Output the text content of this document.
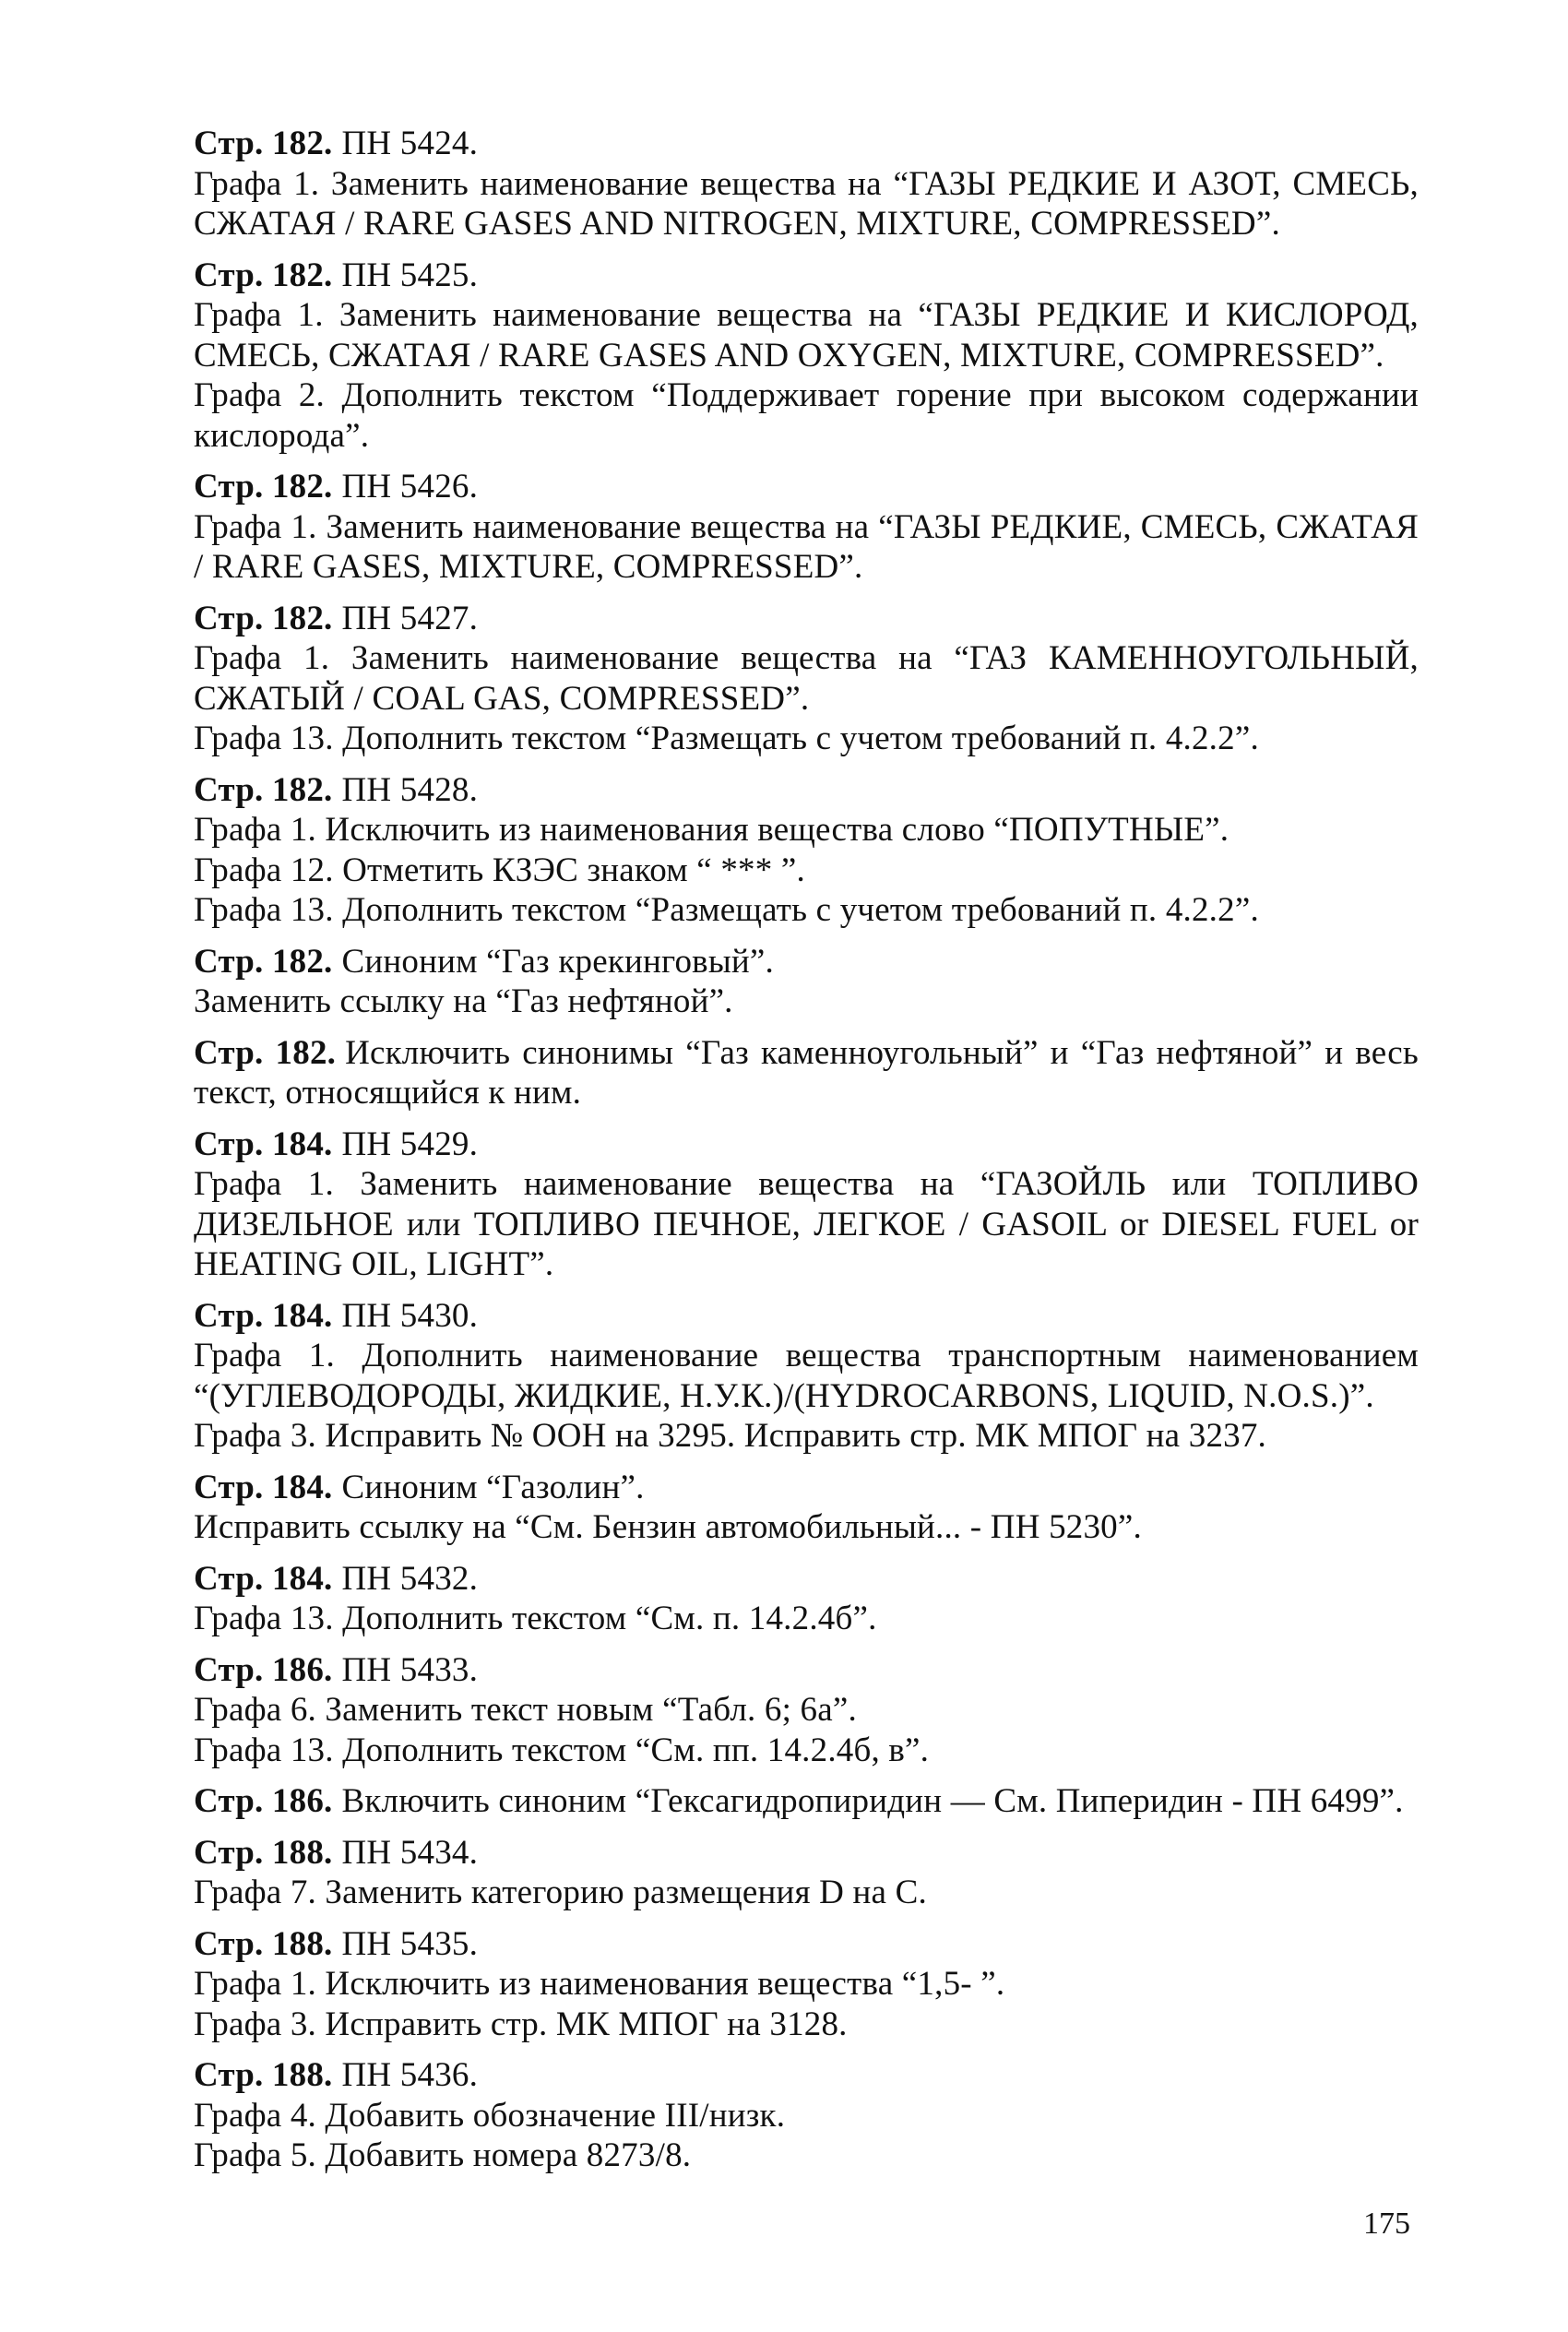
Стр. 182. ПН 5424.

Графа 1. Заменить наименование вещества на “ГАЗЫ РЕДКИЕ И АЗОТ, СМЕСЬ, СЖАТАЯ / RARE GASES AND NITROGEN, MIXTURE, COMPRESSED”.

Стр. 182. ПН 5425.

Графа 1. Заменить наименование вещества на “ГАЗЫ РЕДКИЕ И КИСЛОРОД, СМЕСЬ, СЖАТАЯ / RARE GASES AND OXYGEN, MIXTURE, COMPRESSED”.

Графа 2. Дополнить текстом “Поддерживает горение при высоком содержании кислорода”.

Стр. 182. ПН 5426.

Графа 1. Заменить наименование вещества на “ГАЗЫ РЕДКИЕ, СМЕСЬ, СЖАТАЯ / RARE GASES, MIXTURE, COMPRESSED”.

Стр. 182. ПН 5427.

Графа 1. Заменить наименование вещества на “ГАЗ КАМЕННОУГОЛЬНЫЙ, СЖАТЫЙ / COAL GAS, COMPRESSED”.

Графа 13. Дополнить текстом “Размещать с учетом требований п. 4.2.2”.

Стр. 182. ПН 5428.

Графа 1. Исключить из наименования вещества слово “ПОПУТНЫЕ”.

Графа 12. Отметить КЗЭС знаком “ *** ”.

Графа 13. Дополнить текстом “Размещать с учетом требований п. 4.2.2”.

Стр. 182. Синоним “Газ крекинговый”.

Заменить ссылку на “Газ нефтяной”.

Стр. 182. Исключить синонимы “Газ каменноугольный” и “Газ нефтяной” и весь текст, относящийся к ним.

Стр. 184. ПН 5429.

Графа 1. Заменить наименование вещества на “ГАЗОЙЛЬ или ТОПЛИВО ДИЗЕЛЬНОЕ или ТОПЛИВО ПЕЧНОЕ, ЛЕГКОЕ / GASOIL or DIESEL FUEL or HEATING OIL, LIGHT”.

Стр. 184. ПН 5430.

Графа 1. Дополнить наименование вещества транспортным наименованием “(УГЛЕВОДОРОДЫ, ЖИДКИЕ, Н.У.К.)/(HYDROCARBONS, LIQUID, N.O.S.)”.

Графа 3. Исправить № ООН на 3295. Исправить стр. МК МПОГ на 3237.

Стр. 184. Синоним “Газолин”.

Исправить ссылку на “См. Бензин автомобильный... - ПН 5230”.

Стр. 184. ПН 5432.

Графа 13. Дополнить текстом “См. п. 14.2.4б”.

Стр. 186. ПН 5433.

Графа 6. Заменить текст новым “Табл. 6; 6а”.

Графа 13. Дополнить текстом “См. пп. 14.2.4б, в”.

Стр. 186. Включить синоним “Гексагидропиридин — См. Пиперидин - ПН 6499”.

Стр. 188. ПН 5434.

Графа 7. Заменить категорию размещения D на C.

Стр. 188. ПН 5435.

Графа 1. Исключить из наименования вещества “1,5- ”.

Графа 3. Исправить стр. МК МПОГ на 3128.

Стр. 188. ПН 5436.

Графа 4. Добавить обозначение III/низк.

Графа 5. Добавить номера 8273/8.

175
